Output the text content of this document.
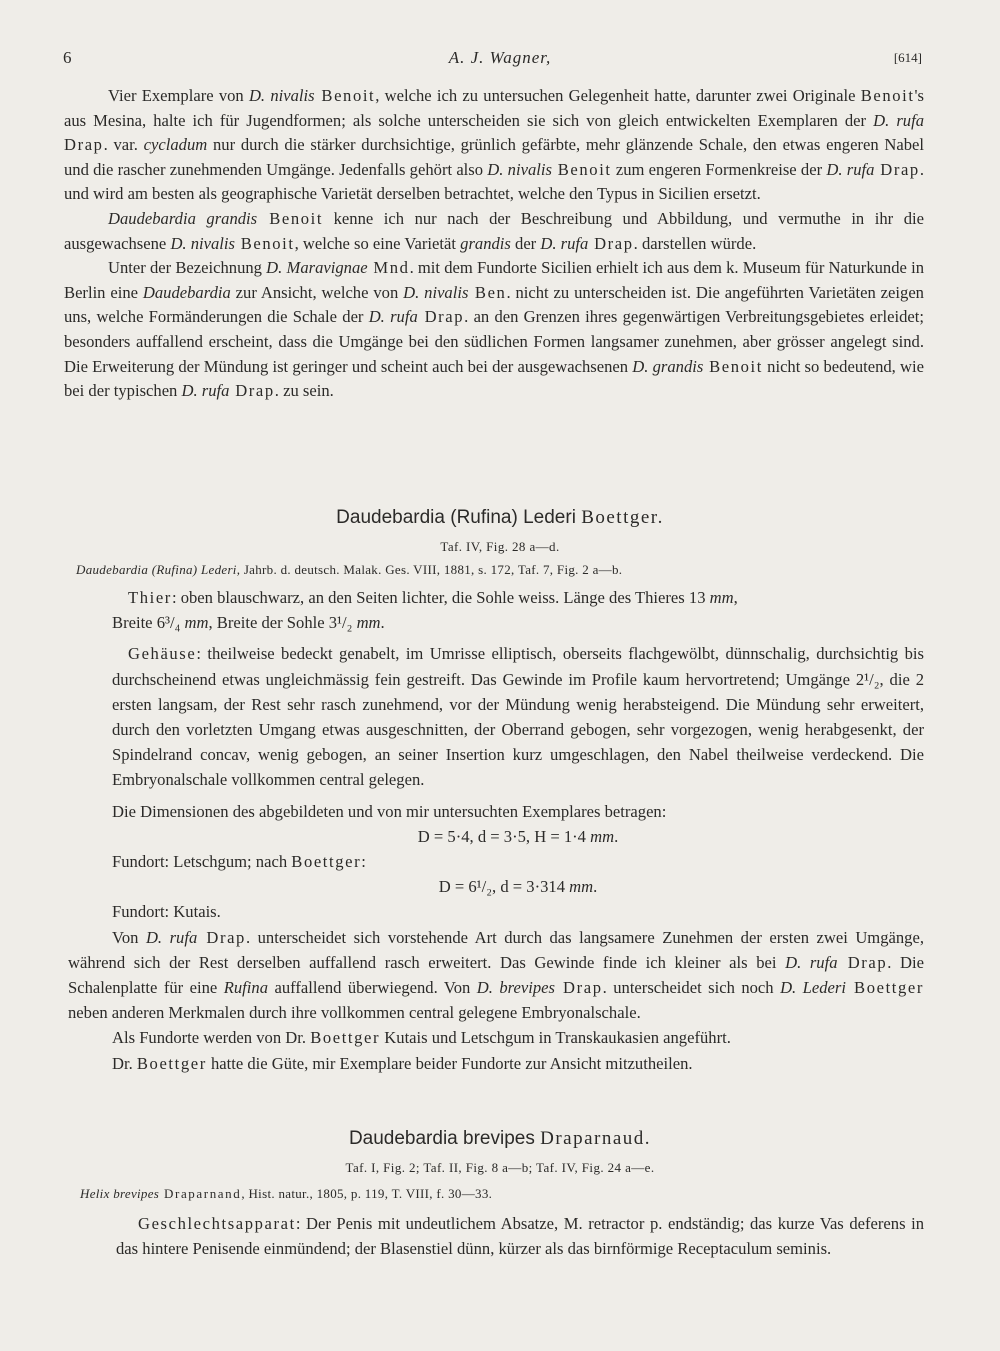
6	A. J. Wagner,	[614]

Vier Exemplare von D. nivalis Benoit, welche ich zu untersuchen Gelegenheit hatte, darunter zwei Originale Benoit's aus Mesina, halte ich für Jugendformen; als solche unterscheiden sie sich von gleich entwickelten Exemplaren der D. rufa Drap. var. cycladum nur durch die stärker durchsichtige, grünlich gefärbte, mehr glänzende Schale, den etwas engeren Nabel und die rascher zunehmenden Umgänge. Jedenfalls gehört also D. nivalis Benoit zum engeren Formenkreise der D. rufa Drap. und wird am besten als geographische Varietät derselben betrachtet, welche den Typus in Sicilien ersetzt.

Daudebardia grandis Benoit kenne ich nur nach der Beschreibung und Abbildung, und vermuthe in ihr die ausgewachsene D. nivalis Benoit, welche so eine Varietät grandis der D. rufa Drap. darstellen würde.

Unter der Bezeichnung D. Maravignae Mnd. mit dem Fundorte Sicilien erhielt ich aus dem k. Museum für Naturkunde in Berlin eine Daudebardia zur Ansicht, welche von D. nivalis Ben. nicht zu unterscheiden ist. Die angeführten Varietäten zeigen uns, welche Formänderungen die Schale der D. rufa Drap. an den Grenzen ihres gegenwärtigen Verbreitungsgebietes erleidet; besonders auffallend erscheint, dass die Umgänge bei den südlichen Formen langsamer zunehmen, aber grösser angelegt sind. Die Erweiterung der Mündung ist geringer und scheint auch bei der ausgewachsenen D. grandis Benoit nicht so bedeutend, wie bei der typischen D. rufa Drap. zu sein.

Daudebardia (Rufina) Lederi Boettger.
Taf. IV, Fig. 28 a—d.
Daudebardia (Rufina) Lederi, Jahrb. d. deutsch. Malak. Ges. VIII, 1881, s. 172, Taf. 7, Fig. 2 a—b.

Thier: oben blauschwarz, an den Seiten lichter, die Sohle weiss. Länge des Thieres 13 mm,
Breite 6³/₄ mm, Breite der Sohle 3¹/₂ mm.

Gehäuse: theilweise bedeckt genabelt, im Umrisse elliptisch, oberseits flachgewölbt, dünnschalig, durchsichtig bis durchscheinend etwas ungleichmässig fein gestreift. Das Gewinde im Profile kaum hervortretend; Umgänge 2¹/₂, die 2 ersten langsam, der Rest sehr rasch zunehmend, vor der Mündung wenig herabsteigend. Die Mündung sehr erweitert, durch den vorletzten Umgang etwas ausgeschnitten, der Oberrand gebogen, sehr vorgezogen, wenig herabgesenkt, der Spindelrand concav, wenig gebogen, an seiner Insertion kurz umgeschlagen, den Nabel theilweise verdeckend. Die Embryonalschale vollkommen central gelegen.

Die Dimensionen des abgebildeten und von mir untersuchten Exemplares betragen:

D = 5·4, d = 3·5, H = 1·4 mm.

Fundort: Letschgum; nach Boettger:

D = 6¹/₂, d = 3·314 mm.

Fundort: Kutais.

Von D. rufa Drap. unterscheidet sich vorstehende Art durch das langsamere Zunehmen der ersten zwei Umgänge, während sich der Rest derselben auffallend rasch erweitert. Das Gewinde finde ich kleiner als bei D. rufa Drap. Die Schalenplatte für eine Rufina auffallend überwiegend. Von D. brevipes Drap. unterscheidet sich noch D. Lederi Boettger neben anderen Merkmalen durch ihre vollkommen central gelegene Embryonalschale.

Als Fundorte werden von Dr. Boettger Kutais und Letschgum in Transkaukasien angeführt.

Dr. Boettger hatte die Güte, mir Exemplare beider Fundorte zur Ansicht mitzutheilen.

Daudebardia brevipes Draparnaud.
Taf. I, Fig. 2; Taf. II, Fig. 8 a—b; Taf. IV, Fig. 24 a—e.
Helix brevipes Draparnand, Hist. natur., 1805, p. 119, T. VIII, f. 30—33.

Geschlechtsapparat: Der Penis mit undeutlichem Absatze, M. retractor p. endständig; das kurze Vas deferens in das hintere Penisende einmündend; der Blasenstiel dünn, kürzer als das birnförmige Receptaculum seminis.
